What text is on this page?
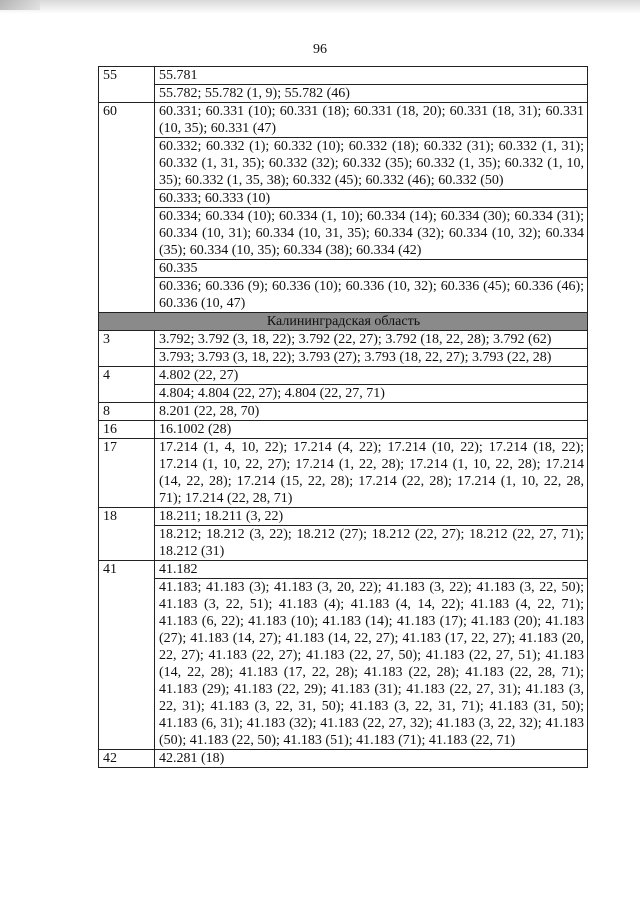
96
55	55.781
	55.782; 55.782 (1, 9); 55.782 (46)
60	60.331; 60.331 (10); 60.331 (18); 60.331 (18, 20); 60.331 (18, 31); 60.331 (10, 35); 60.331 (47)
	60.332; 60.332 (1); 60.332 (10); 60.332 (18); 60.332 (31); 60.332 (1, 31); 60.332 (1, 31, 35); 60.332 (32); 60.332 (35); 60.332 (1, 35); 60.332 (1, 10, 35); 60.332 (1, 35, 38); 60.332 (45); 60.332 (46); 60.332 (50)
	60.333; 60.333 (10)
	60.334; 60.334 (10); 60.334 (1, 10); 60.334 (14); 60.334 (30); 60.334 (31); 60.334 (10, 31); 60.334 (10, 31, 35); 60.334 (32); 60.334 (10, 32); 60.334 (35); 60.334 (10, 35); 60.334 (38); 60.334 (42)
	60.335
	60.336; 60.336 (9); 60.336 (10); 60.336 (10, 32); 60.336 (45); 60.336 (46); 60.336 (10, 47)
Калининградская область	
3	3.792; 3.792 (3, 18, 22); 3.792 (22, 27); 3.792 (18, 22, 28); 3.792 (62)
	3.793; 3.793 (3, 18, 22); 3.793 (27); 3.793 (18, 22, 27); 3.793 (22, 28)
4	4.802 (22, 27)
	4.804; 4.804 (22, 27); 4.804 (22, 27, 71)
8	8.201 (22, 28, 70)
16	16.1002 (28)
17	17.214 (1, 4, 10, 22); 17.214 (4, 22); 17.214 (10, 22); 17.214 (18, 22); 17.214 (1, 10, 22, 27); 17.214 (1, 22, 28); 17.214 (1, 10, 22, 28); 17.214 (14, 22, 28); 17.214 (15, 22, 28); 17.214 (22, 28); 17.214 (1, 10, 22, 28, 71); 17.214 (22, 28, 71)
18	18.211; 18.211 (3, 22)
	18.212; 18.212 (3, 22); 18.212 (27); 18.212 (22, 27); 18.212 (22, 27, 71); 18.212 (31)
41	41.182
	41.183; 41.183 (3); 41.183 (3, 20, 22); 41.183 (3, 22); 41.183 (3, 22, 50); 41.183 (3, 22, 51); 41.183 (4); 41.183 (4, 14, 22); 41.183 (4, 22, 71); 41.183 (6, 22); 41.183 (10); 41.183 (14); 41.183 (17); 41.183 (20); 41.183 (27); 41.183 (14, 27); 41.183 (14, 22, 27); 41.183 (17, 22, 27); 41.183 (20, 22, 27); 41.183 (22, 27); 41.183 (22, 27, 50); 41.183 (22, 27, 51); 41.183 (14, 22, 28); 41.183 (17, 22, 28); 41.183 (22, 28); 41.183 (22, 28, 71); 41.183 (29); 41.183 (22, 29); 41.183 (31); 41.183 (22, 27, 31); 41.183 (3, 22, 31); 41.183 (3, 22, 31, 50); 41.183 (3, 22, 31, 71); 41.183 (31, 50); 41.183 (6, 31); 41.183 (32); 41.183 (22, 27, 32); 41.183 (3, 22, 32); 41.183 (50); 41.183 (22, 50); 41.183 (51); 41.183 (71); 41.183 (22, 71)
42	42.281 (18)
